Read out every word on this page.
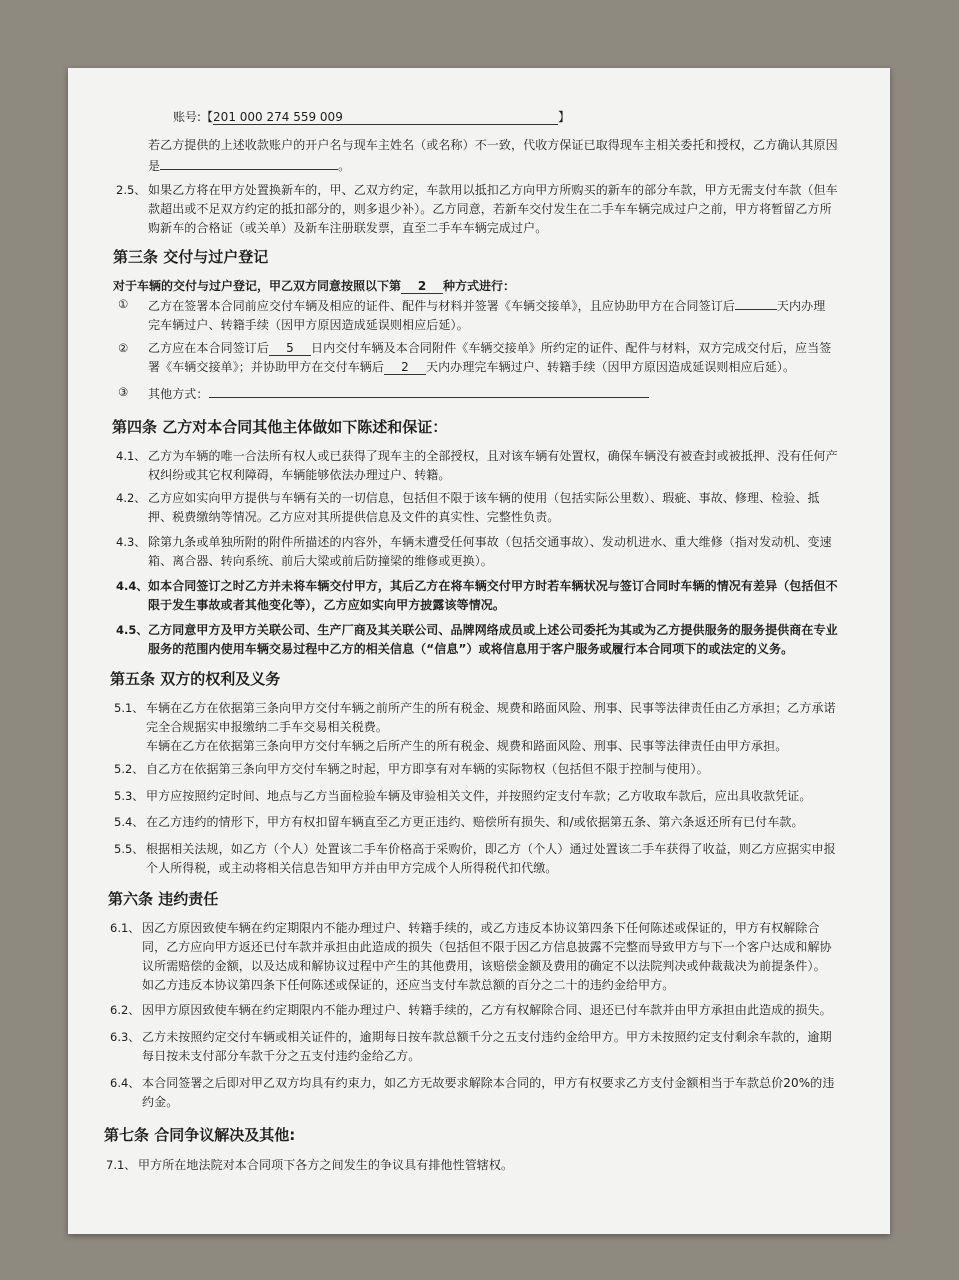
账号:【201 000 274 559 009	】
若乙方提供的上述收款账户的开户名与现车主姓名（或名称）不一致，代收方保证已取得现车主相关委托和授权，乙方确认其原因
是	。
2.5、 如果乙方将在甲方处置换新车的，甲、乙双方约定，车款用以抵扣乙方向甲方所购买的新车的部分车款，甲方无需支付车款（但车
款超出或不足双方约定的抵扣部分的，则多退少补）。乙方同意，若新车交付发生在二手车车辆完成过户之前，甲方将暂留乙方所
购新车的合格证（或关单）及新车注册联发票，直至二手车车辆完成过户。
第三条 交付与过户登记
对于车辆的交付与过户登记，甲乙双方同意按照以下第 2 种方式进行：
① 乙方在签署本合同前应交付车辆及相应的证件、配件与材料并签署《车辆交接单》，且应协助甲方在合同签订后	天内办理
完车辆过户、转籍手续（因甲方原因造成延误则相应后延）。
② 乙方应在本合同签订后 5 日内交付车辆及本合同附件《车辆交接单》所约定的证件、配件与材料，双方完成交付后，应当签
署《车辆交接单》；并协助甲方在交付车辆后 2 天内办理完车辆过户、转籍手续（因甲方原因造成延误则相应后延）。
③ 其他方式：
第四条 乙方对本合同其他主体做如下陈述和保证：
4.1、 乙方为车辆的唯一合法所有权人或已获得了现车主的全部授权，且对该车辆有处置权，确保车辆没有被查封或被抵押、没有任何产
权纠纷或其它权利障碍，车辆能够依法办理过户、转籍。
4.2、 乙方应如实向甲方提供与车辆有关的一切信息，包括但不限于该车辆的使用（包括实际公里数）、瑕疵、事故、修理、检验、抵
押、税费缴纳等情况。乙方应对其所提供信息及文件的真实性、完整性负责。
4.3、 除第九条或单独所附的附件所描述的内容外，车辆未遭受任何事故（包括交通事故）、发动机进水、重大维修（指对发动机、变速
箱、离合器、转向系统、前后大梁或前后防撞梁的维修或更换）。
4.4、 如本合同签订之时乙方并未将车辆交付甲方，其后乙方在将车辆交付甲方时若车辆状况与签订合同时车辆的情况有差异（包括但不
限于发生事故或者其他变化等），乙方应如实向甲方披露该等情况。
4.5、 乙方同意甲方及甲方关联公司、生产厂商及其关联公司、品牌网络成员或上述公司委托为其或为乙方提供服务的服务提供商在专业
服务的范围内使用车辆交易过程中乙方的相关信息（“信息”）或将信息用于客户服务或履行本合同项下的或法定的义务。
第五条 双方的权利及义务
5.1、 车辆在乙方在依据第三条向甲方交付车辆之前所产生的所有税金、规费和路面风险、刑事、民事等法律责任由乙方承担；乙方承诺
完全合规据实申报缴纳二手车交易相关税费。
车辆在乙方在依据第三条向甲方交付车辆之后所产生的所有税金、规费和路面风险、刑事、民事等法律责任由甲方承担。
5.2、 自乙方在依据第三条向甲方交付车辆之时起，甲方即享有对车辆的实际物权（包括但不限于控制与使用）。
5.3、 甲方应按照约定时间、地点与乙方当面检验车辆及审验相关文件，并按照约定支付车款；乙方收取车款后，应出具收款凭证。
5.4、 在乙方违约的情形下，甲方有权扣留车辆直至乙方更正违约、赔偿所有损失、和/或依据第五条、第六条返还所有已付车款。
5.5、 根据相关法规，如乙方（个人）处置该二手车价格高于采购价，即乙方（个人）通过处置该二手车获得了收益，则乙方应据实申报
个人所得税，或主动将相关信息告知甲方并由甲方完成个人所得税代扣代缴。
第六条 违约责任
6.1、 因乙方原因致使车辆在约定期限内不能办理过户、转籍手续的，或乙方违反本协议第四条下任何陈述或保证的，甲方有权解除合
同，乙方应向甲方返还已付车款并承担由此造成的损失（包括但不限于因乙方信息披露不完整而导致甲方与下一个客户达成和解协
议所需赔偿的金额，以及达成和解协议过程中产生的其他费用，该赔偿金额及费用的确定不以法院判决或仲裁裁决为前提条件）。
如乙方违反本协议第四条下任何陈述或保证的，还应当支付车款总额的百分之二十的违约金给甲方。
6.2、 因甲方原因致使车辆在约定期限内不能办理过户、转籍手续的，乙方有权解除合同、退还已付车款并由甲方承担由此造成的损失。
6.3、 乙方未按照约定交付车辆或相关证件的，逾期每日按车款总额千分之五支付违约金给甲方。甲方未按照约定支付剩余车款的，逾期
每日按未支付部分车款千分之五支付违约金给乙方。
6.4、 本合同签署之后即对甲乙双方均具有约束力，如乙方无故要求解除本合同的，甲方有权要求乙方支付金额相当于车款总价20%的违
约金。
第七条 合同争议解决及其他:
7.1、 甲方所在地法院对本合同项下各方之间发生的争议具有排他性管辖权。
